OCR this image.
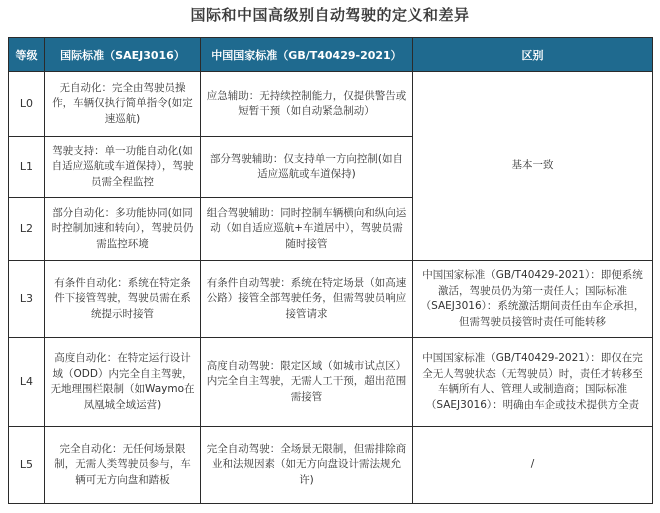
国际和中国高级别自动驾驶的定义和差异
等级	国际标准（SAEJ3016）	中国国家标准（GB/T40429-2021）	区别
L0	无自动化：完全由驾驶员操作，车辆仅执行简单指令(如定速巡航)	应急辅助：无持续控制能力，仅提供警告或短暂干预（如自动紧急制动）	基本一致
L1	驾驶支持：单一功能自动化(如自适应巡航或车道保持），驾驶员需全程监控	部分驾驶辅助：仅支持单一方向控制(如自适应巡航或车道保持)	
L2	部分自动化：多功能协同(如同时控制加速和转向），驾驶员仍需监控环境	组合驾驶辅助：同时控制车辆横向和纵向运动（如自适应巡航+车道居中），驾驶员需随时接管	
L3	有条件自动化：系统在特定条件下接管驾驶，驾驶员需在系统提示时接管	有条件自动驾驶：系统在特定场景（如高速公路）接管全部驾驶任务，但需驾驶员响应接管请求	中国国家标准（GB/T40429-2021）：即便系统激活，驾驶员仍为第一责任人；国际标准（SAEJ3016）：系统激活期间责任由车企承担，但需驾驶员接管时责任可能转移
L4	高度自动化：在特定运行设计域（ODD）内完全自主驾驶，无地理围栏限制（如Waymo在凤凰城全域运营)	高度自动驾驶：限定区域（如城市试点区）内完全自主驾驶，无需人工干预，超出范围需接管	中国国家标准（GB/T40429-2021）：即仅在完全无人驾驶状态（无驾驶员）时，责任才转移至车辆所有人、管理人或制造商；国际标准（SAEJ3016）：明确由车企或技术提供方全责
L5	完全自动化：无任何场景限制，无需人类驾驶员参与，车辆可无方向盘和踏板	完全自动驾驶：全场景无限制，但需排除商业和法规因素（如无方向盘设计需法规允许)	/
